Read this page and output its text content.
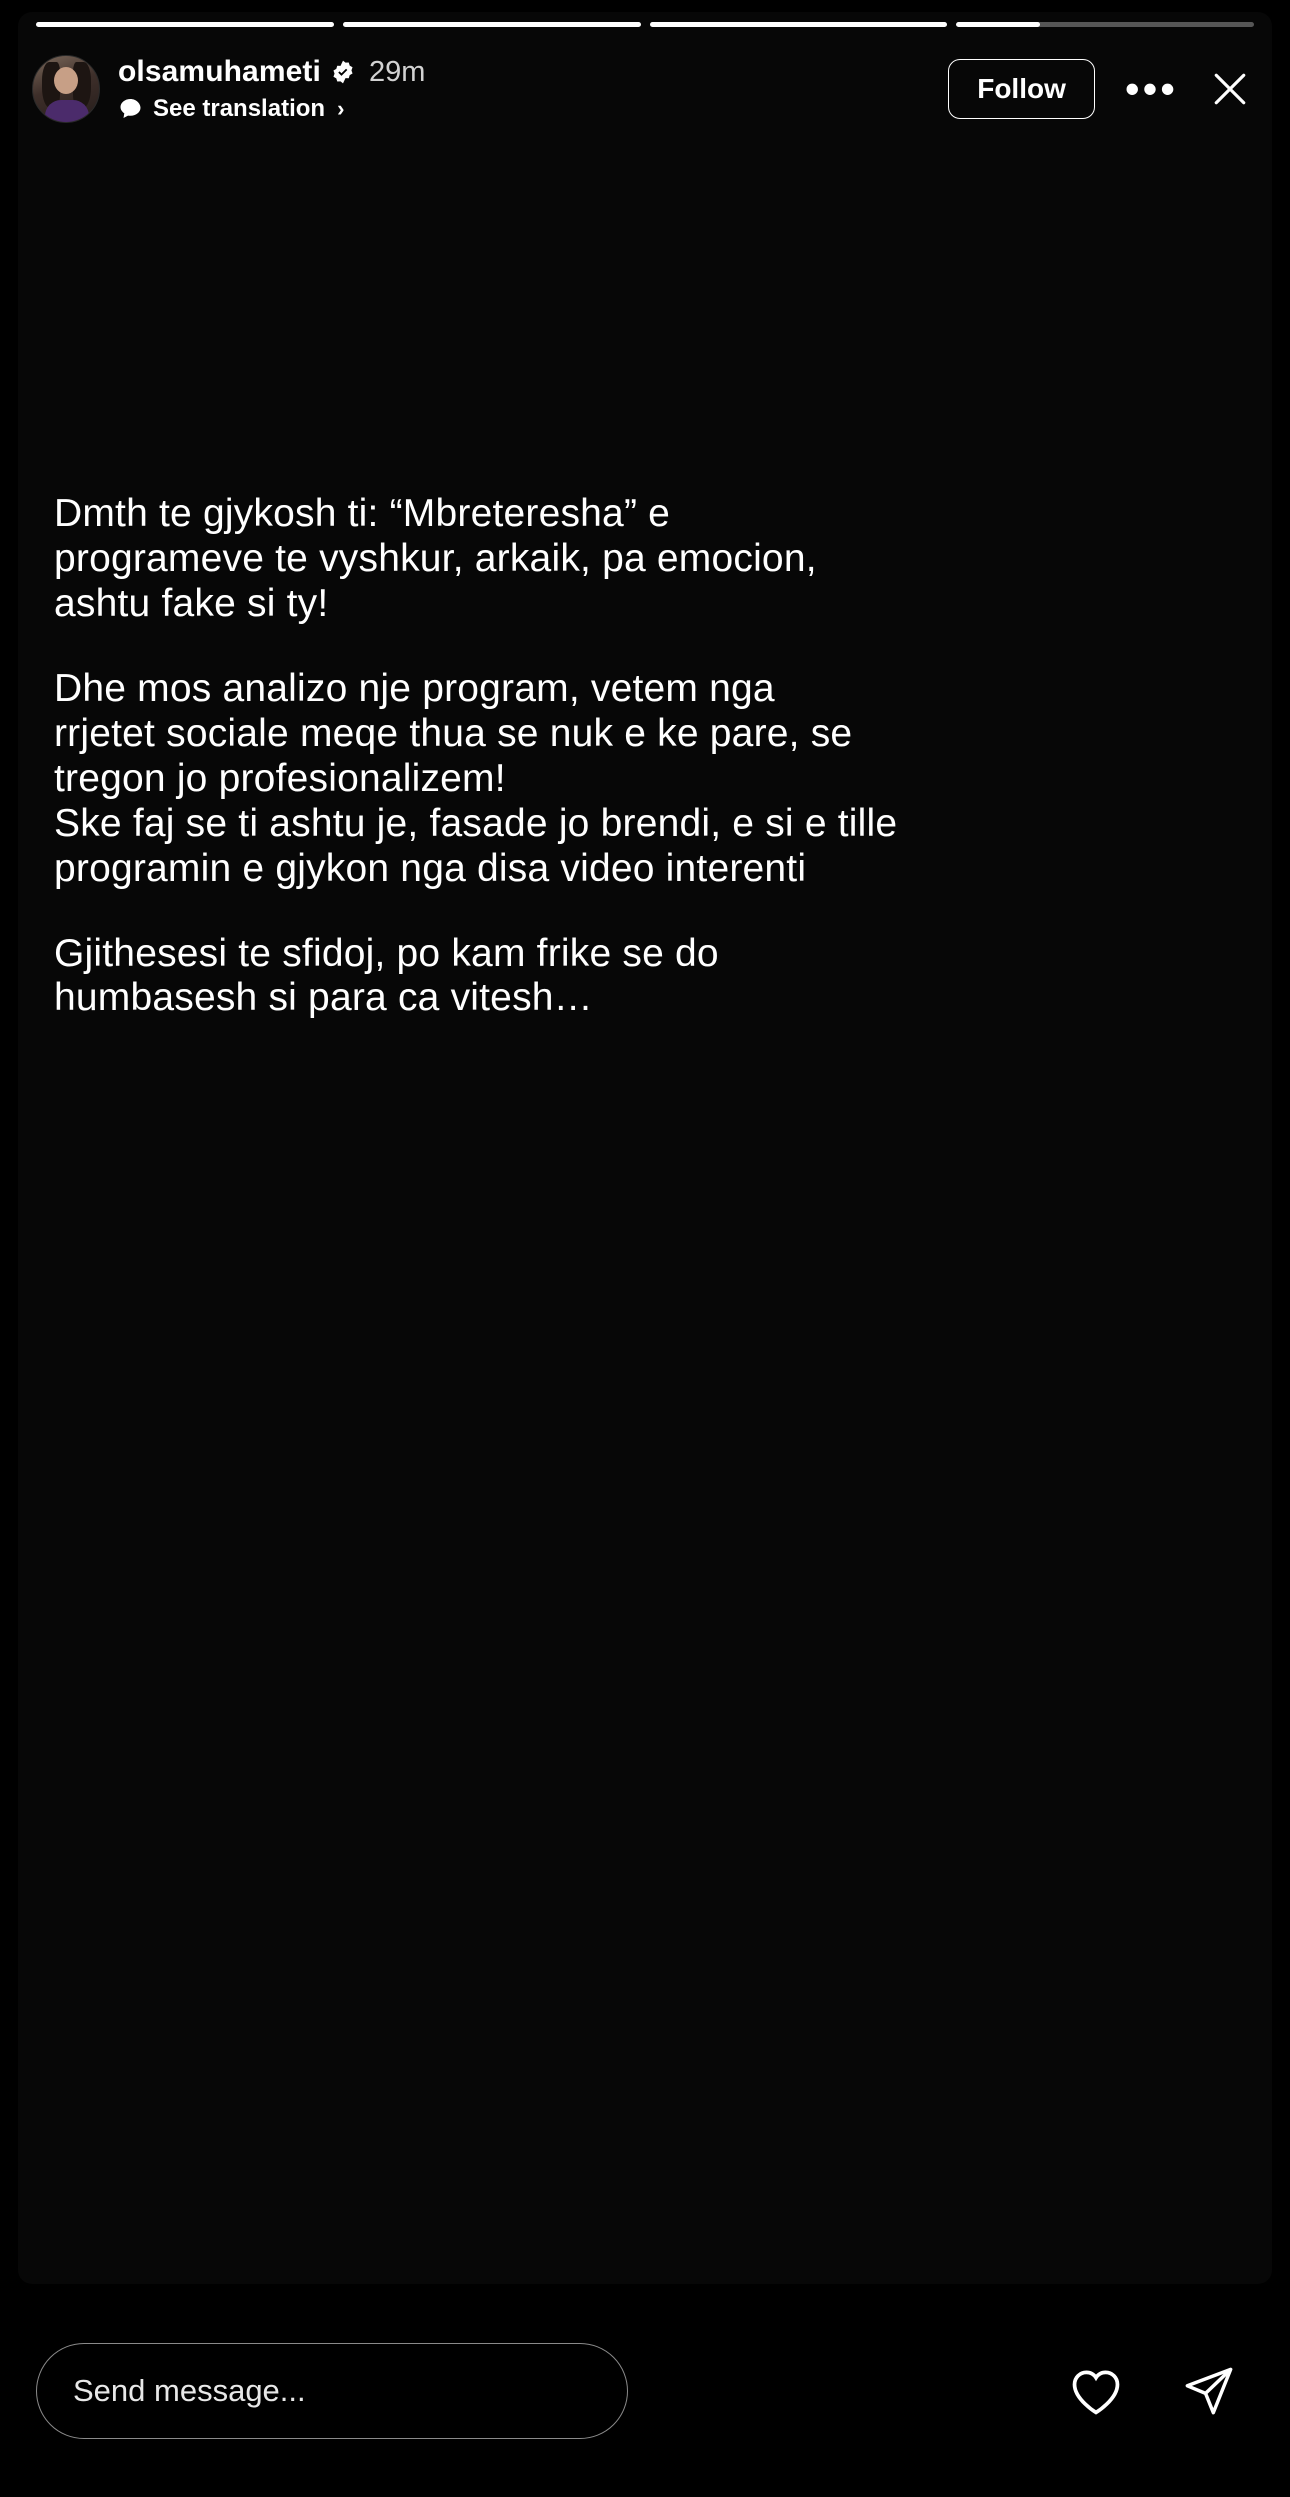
olsamuhameti 29m
See translation ›
Follow	•••
Dmth te gjykosh ti: “Mbreteresha” e
programeve te vyshkur, arkaik, pa emocion,
ashtu fake si ty!
Dhe mos analizo nje program, vetem nga
rrjetet sociale meqe thua se nuk e ke pare, se
tregon jo profesionalizem!
Ske faj se ti ashtu je, fasade jo brendi, e si e tille
programin e gjykon nga disa video interenti
Gjithesesi te sfidoj, po kam frike se do
humbasesh si para ca vitesh…
Send message...
